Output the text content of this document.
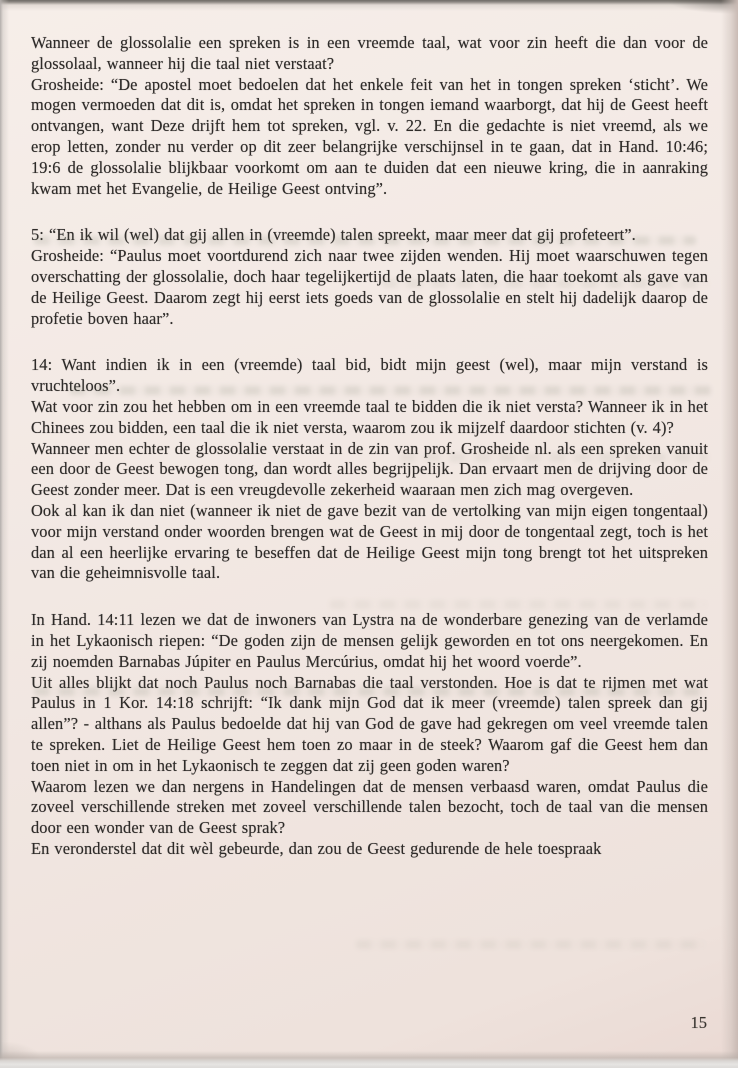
Wanneer de glossolalie een spreken is in een vreemde taal, wat voor zin heeft die dan voor de glossolaal, wanneer hij die taal niet verstaat?

Grosheide: “De apostel moet bedoelen dat het enkele feit van het in tongen spreken ‘sticht’. We mogen vermoeden dat dit is, omdat het spreken in tongen iemand waarborgt, dat hij de Geest heeft ontvangen, want Deze drijft hem tot spreken, vgl. v. 22. En die gedachte is niet vreemd, als we erop letten, zonder nu verder op dit zeer belangrijke verschijnsel in te gaan, dat in Hand. 10:46; 19:6 de glossolalie blijkbaar voorkomt om aan te duiden dat een nieuwe kring, die in aanraking kwam met het Evangelie, de Heilige Geest ontving”.

5: “En ik wil (wel) dat gij allen in (vreemde) talen spreekt, maar meer dat gij profeteert”.

Grosheide: “Paulus moet voortdurend zich naar twee zijden wenden. Hij moet waarschuwen tegen overschatting der glossolalie, doch haar tegelijkertijd de plaats laten, die haar toekomt als gave van de Heilige Geest. Daarom zegt hij eerst iets goeds van de glossolalie en stelt hij dadelijk daarop de profetie boven haar”.

14: Want indien ik in een (vreemde) taal bid, bidt mijn geest (wel), maar mijn verstand is vruchteloos”.

Wat voor zin zou het hebben om in een vreemde taal te bidden die ik niet versta? Wanneer ik in het Chinees zou bidden, een taal die ik niet versta, waarom zou ik mijzelf daardoor stichten (v. 4)?

Wanneer men echter de glossolalie verstaat in de zin van prof. Grosheide nl. als een spreken vanuit een door de Geest bewogen tong, dan wordt alles begrijpelijk. Dan ervaart men de drijving door de Geest zonder meer. Dat is een vreugdevolle zekerheid waaraan men zich mag overgeven.

Ook al kan ik dan niet (wanneer ik niet de gave bezit van de vertolking van mijn eigen tongentaal) voor mijn verstand onder woorden brengen wat de Geest in mij door de tongentaal zegt, toch is het dan al een heerlijke ervaring te beseffen dat de Heilige Geest mijn tong brengt tot het uitspreken van die geheimnisvolle taal.

In Hand. 14:11 lezen we dat de inwoners van Lystra na de wonderbare genezing van de verlamde in het Lykaonisch riepen: “De goden zijn de mensen gelijk geworden en tot ons neergekomen. En zij noemden Barnabas Júpiter en Paulus Mercúrius, omdat hij het woord voerde”.

Uit alles blijkt dat noch Paulus noch Barnabas die taal verstonden. Hoe is dat te rijmen met wat Paulus in 1 Kor. 14:18 schrijft: “Ik dank mijn God dat ik meer (vreemde) talen spreek dan gij allen”? - althans als Paulus bedoelde dat hij van God de gave had gekregen om veel vreemde talen te spreken. Liet de Heilige Geest hem toen zo maar in de steek? Waarom gaf die Geest hem dan toen niet in om in het Lykaonisch te zeggen dat zij geen goden waren?

Waarom lezen we dan nergens in Handelingen dat de mensen verbaasd waren, omdat Paulus die zoveel verschillende streken met zoveel verschillende talen bezocht, toch de taal van die mensen door een wonder van de Geest sprak?

En veronderstel dat dit wèl gebeurde, dan zou de Geest gedurende de hele toespraak

15
